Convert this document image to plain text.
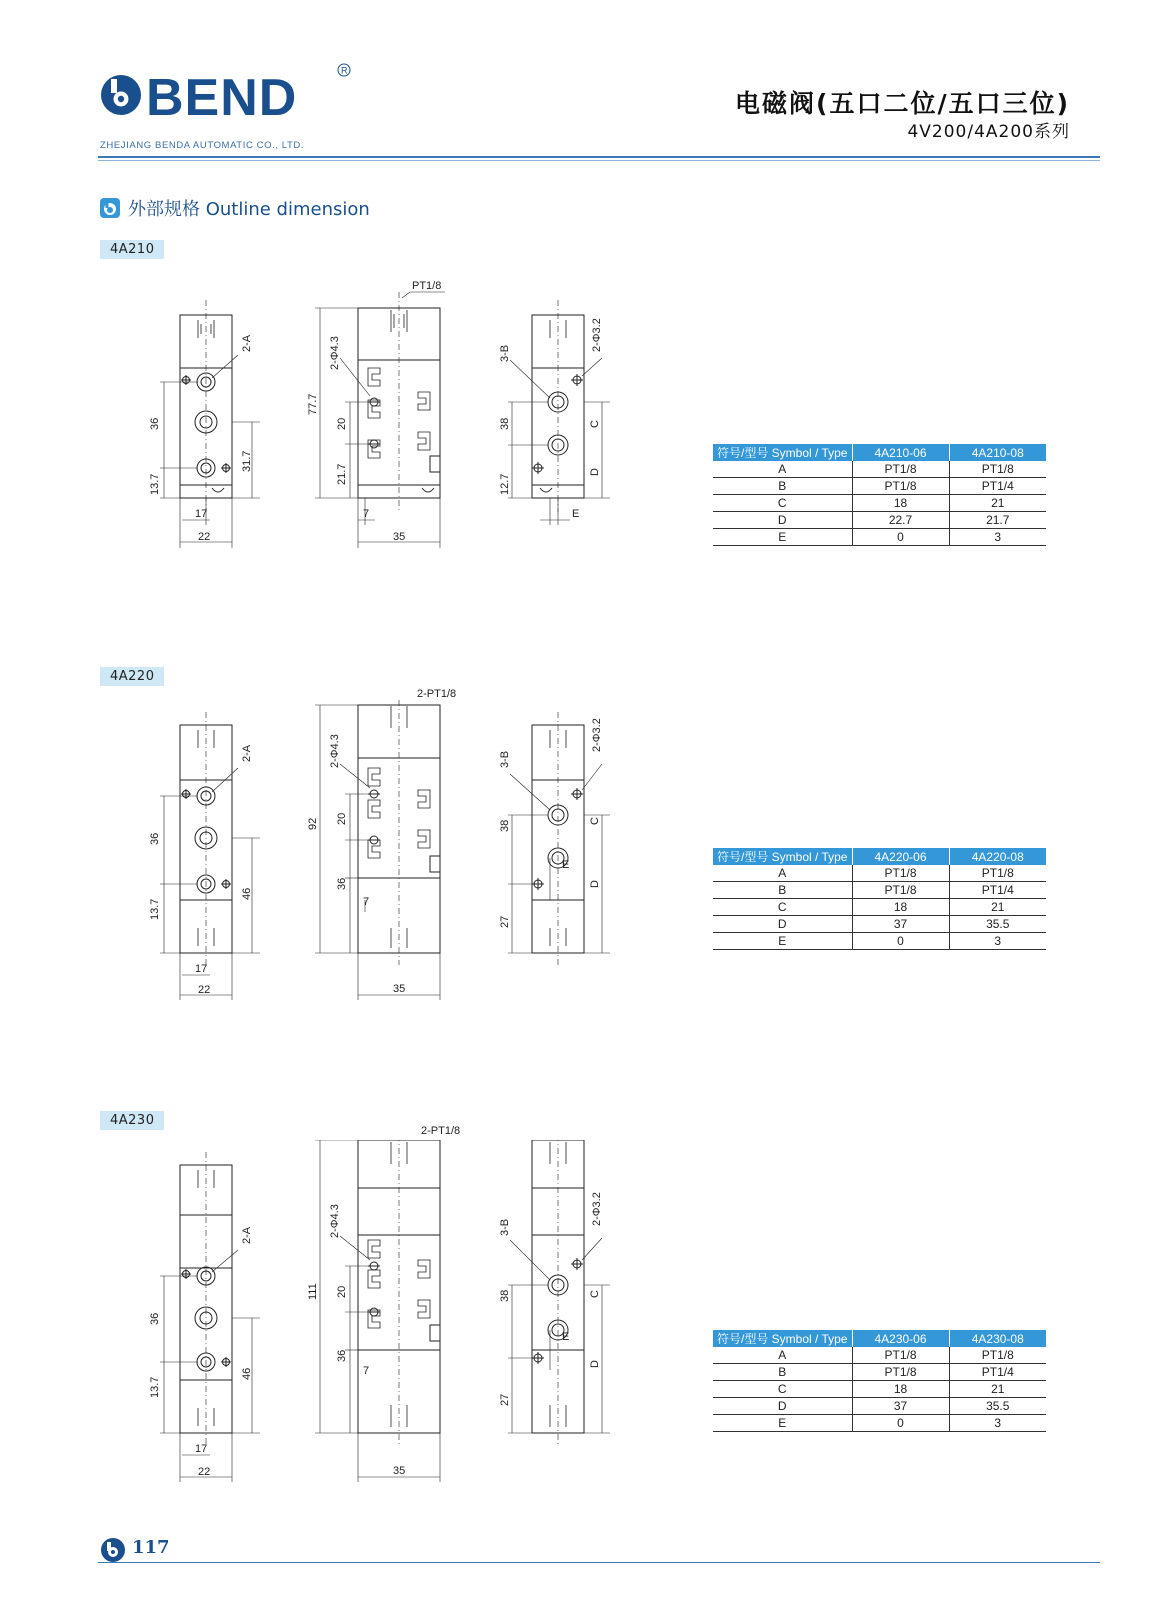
BEND	R
ZHEJIANG BENDA AUTOMATIC CO., LTD.
电磁阀(五口二位/五口三位)
4V200/4A200系列
外部规格 Outline dimension
4A210
4A220
4A230
2-A
36
13.7
31.7
17
22
PT1/8
2-Φ4.3
77.7
20
21.7
7
35
3-B
2-Φ3.2
38
12.7
C
D
E
2-A
36
13.7
46
17
22
2-Φ4.3
92 20
36
7
35
3-B
2-Φ3.2
38
27
C
D
E
2-PT1/8
2-A
36
13.7
46
17
22
2-Φ4.3
111 20
36
7
35
3-B
2-Φ3.2
38
27
C
D
E
2-PT1/8
符号/型号 Symbol / Type	4A210-06	4A210-08
A	PT1/8	PT1/8
B	PT1/8	PT1/4
C	18	21
D	22.7	21.7
E	0	3
符号/型号 Symbol / Type	4A220-06	4A220-08
A	PT1/8	PT1/8
B	PT1/8	PT1/4
C	18	21
D	37	35.5
E	0	3
符号/型号 Symbol / Type	4A230-06	4A230-08
A	PT1/8	PT1/8
B	PT1/8	PT1/4
C	18	21
D	37	35.5
E	0	3
117
